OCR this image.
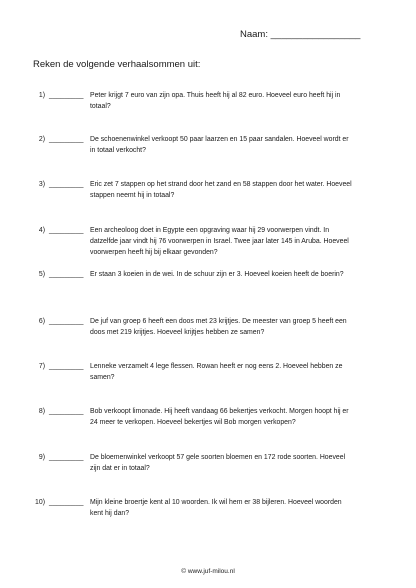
Naam: _________________
Reken de volgende verhaalsommen uit:
1) _________ Peter krijgt 7 euro van zijn opa. Thuis heeft hij al 82 euro. Hoeveel euro heeft hij in
totaal?
2) _________ De schoenenwinkel verkoopt 50 paar laarzen en 15 paar sandalen. Hoeveel wordt er
in totaal verkocht?
3) _________ Eric zet 7 stappen op het strand door het zand en 58 stappen door het water. Hoeveel
stappen neemt hij in totaal?
4) _________ Een archeoloog doet in Egypte een opgraving waar hij 29 voorwerpen vindt. In
datzelfde jaar vindt hij 76 voorwerpen in Israel. Twee jaar later 145 in Aruba. Hoeveel
voorwerpen heeft hij bij elkaar gevonden?
5) _________ Er staan 3 koeien in de wei. In de schuur zijn er 3. Hoeveel koeien heeft de boerin?
6) _________ De juf van groep 6 heeft een doos met 23 krijtjes. De meester van groep 5 heeft een
doos met 219 krijtjes. Hoeveel krijtjes hebben ze samen?
7) _________ Lenneke verzamelt 4 lege flessen. Rowan heeft er nog eens 2. Hoeveel hebben ze
samen?
8) _________ Bob verkoopt limonade. Hij heeft vandaag 66 bekertjes verkocht. Morgen hoopt hij er
24 meer te verkopen. Hoeveel bekertjes wil Bob morgen verkopen?
9) _________ De bloemenwinkel verkoopt 57 gele soorten bloemen en 172 rode soorten. Hoeveel
zijn dat er in totaal?
10) _________ Mijn kleine broertje kent al 10 woorden. Ik wil hem er 38 bijleren. Hoeveel woorden
kent hij dan?
© www.juf-milou.nl
